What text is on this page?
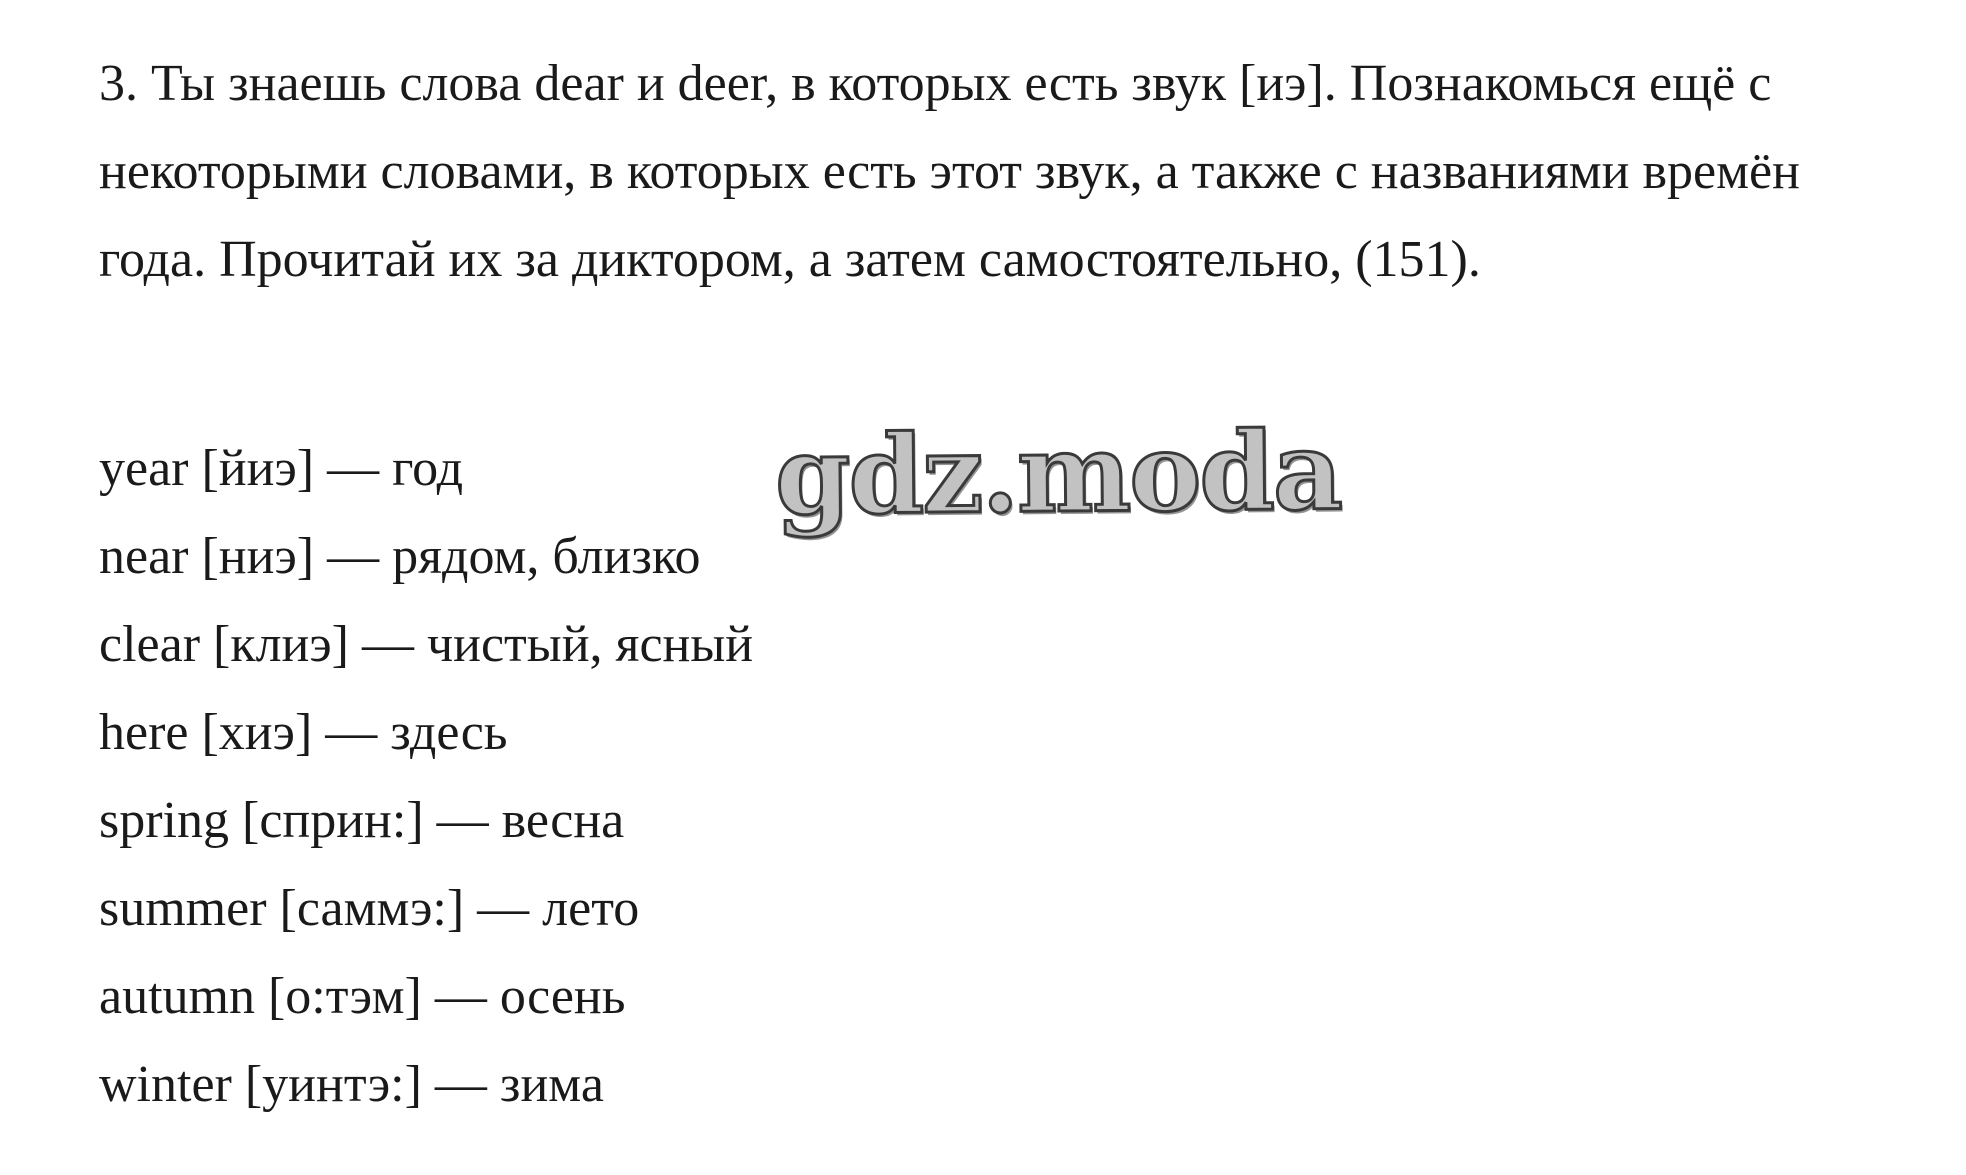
3. Ты знаешь слова dear и deer, в которых есть звук [иэ]. Познакомься ещё с некоторыми словами, в которых есть этот звук, а также с названиями времён года. Прочитай их за диктором, а затем самостоятельно, (151).

year [йиэ] — год
near [ниэ] — рядом, близко
clear [клиэ] — чистый, ясный
here [хиэ] — здесь
spring [сприн:] — весна
summer [саммэ:] — лето
autumn [о:тэм] — осень
winter [уинтэ:] — зима
gdz.moda
